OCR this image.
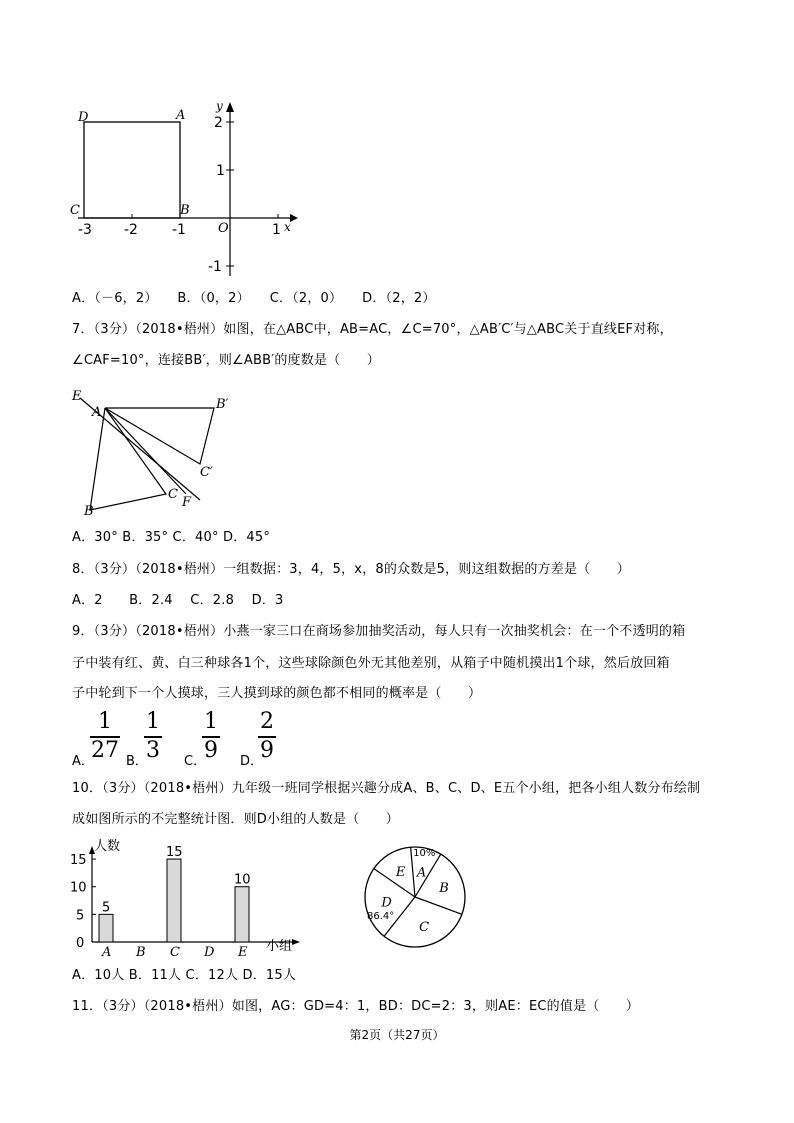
D	A
C	B
O	x
y
2
1
-1
-3 -2 -1	1
A．（－6，2）　　B．（0，2）　　C．（2，0）　　D．（2，2）
7．（3分）（2018•梧州）如图，在△ABC中，AB=AC，∠C=70°，△AB′C′与△ABC关于直线EF对称，
∠CAF=10°，连接BB′，则∠ABB′的度数是（　　）
E
A
B′
C′
B
C
F
A．30° B．35° C．40° D．45°
8．（3分）（2018•梧州）一组数据：3，4，5，x，8的众数是5，则这组数据的方差是（　　）
A．2　　B．2.4　 C．2.8　 D．3
9．（3分）（2018•梧州）小燕一家三口在商场参加抽奖活动，每人只有一次抽奖机会：在一个不透明的箱
子中装有红、黄、白三种球各1个，这些球除颜色外无其他差别，从箱子中随机摸出1个球，然后放回箱
子中轮到下一个人摸球，三人摸到球的颜色都不相同的概率是（　　）
A．
1
27 B．
1
3 C．
1
9 D．
2
9
10．（3分）（2018•梧州）九年级一班同学根据兴趣分成A、B、C、D、E五个小组，把各小组人数分布绘制
成如图所示的不完整统计图．则D小组的人数是（　　）
0
5
10
15
A
5
B C
15
D E
10
人数
小组
A
10%
B
C
D
86.4°
E
A．10人 B．11人 C．12人 D．15人
11．（3分）（2018•梧州）如图，AG：GD=4：1，BD：DC=2：3，则AE：EC的值是（　　）
第2页（共27页）
